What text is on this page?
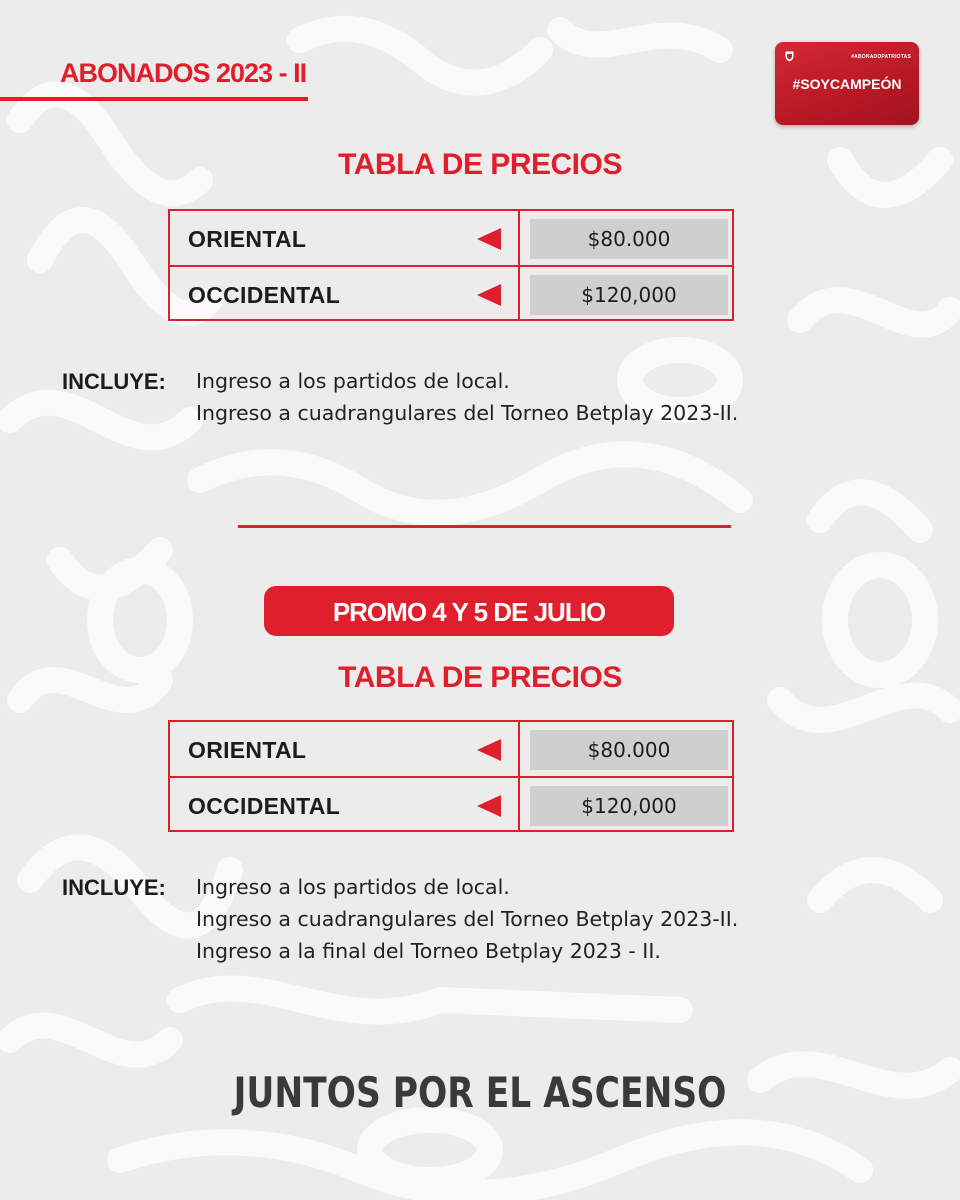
ABONADOS 2023 - II
#ABONADOPATRIOTAS
#SOYCAMPEÓN
TABLA DE PRECIOS
ORIENTAL	$80.000
OCCIDENTAL	$120,000
INCLUYE: Ingreso a los partidos de local.
Ingreso a cuadrangulares del Torneo Betplay 2023-II.
PROMO 4 Y 5 DE JULIO
TABLA DE PRECIOS
ORIENTAL	$80.000
OCCIDENTAL	$120,000
INCLUYE: Ingreso a los partidos de local.
Ingreso a cuadrangulares del Torneo Betplay 2023-II.
Ingreso a la final del Torneo Betplay 2023 - II.
JUNTOS POR EL ASCENSO
